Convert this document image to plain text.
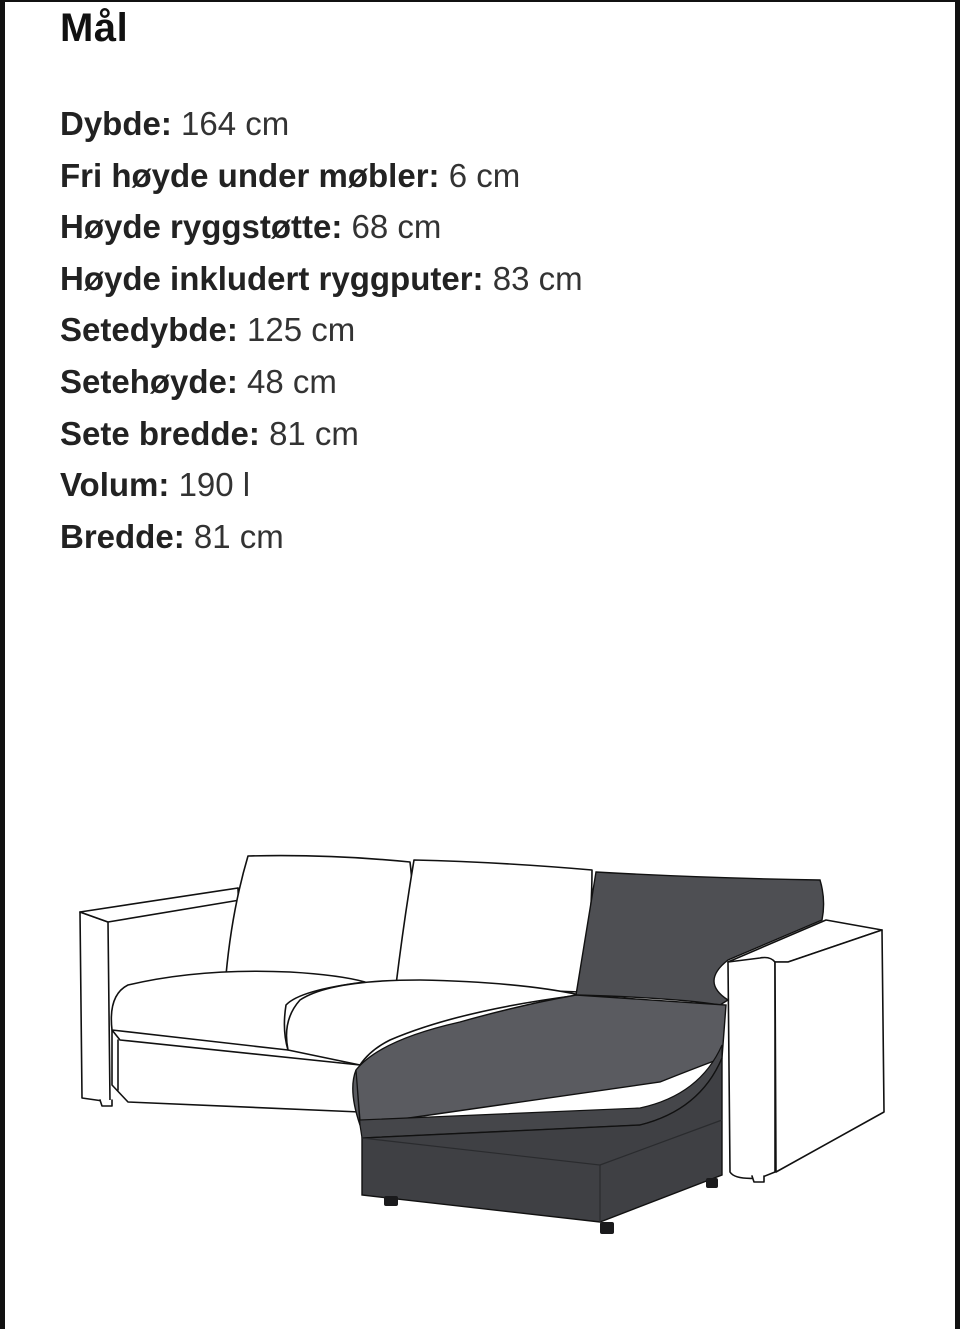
Mål
Dybde: 164 cm
Fri høyde under møbler: 6 cm
Høyde ryggstøtte: 68 cm
Høyde inkludert ryggputer: 83 cm
Setedybde: 125 cm
Setehøyde: 48 cm
Sete bredde: 81 cm
Volum: 190 l
Bredde: 81 cm
